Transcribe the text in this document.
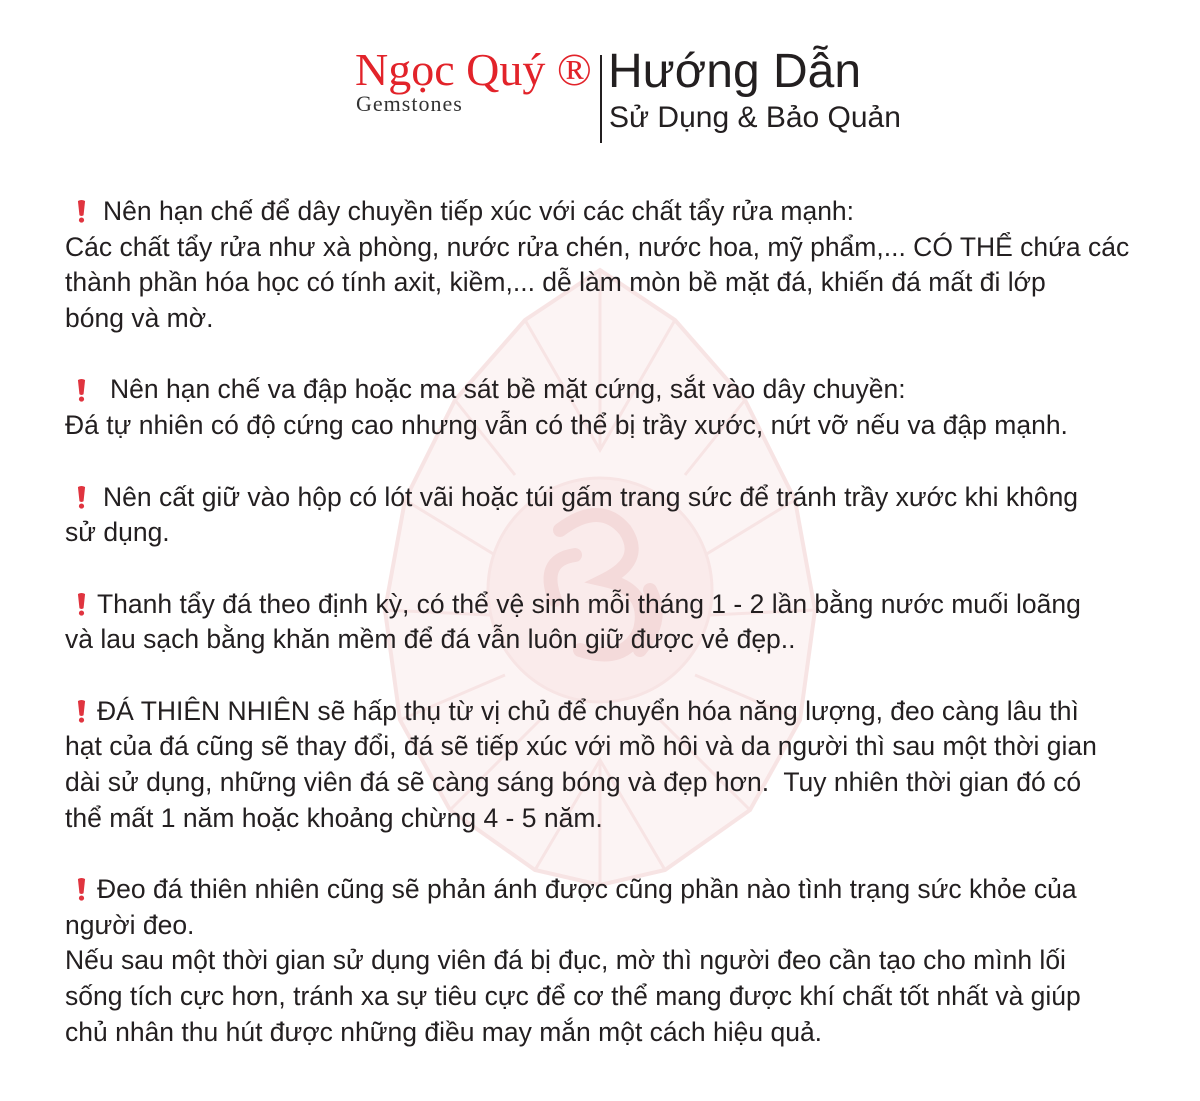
Ngọc Quý ®
Gemstones
Hướng Dẫn
Sử Dụng & Bảo Quản

Nên hạn chế để dây chuyền tiếp xúc với các chất tẩy rửa mạnh:

Các chất tẩy rửa như xà phòng, nước rửa chén, nước hoa, mỹ phẩm,... CÓ THỂ chứa các

thành phần hóa học có tính axit, kiềm,... dễ làm mòn bề mặt đá, khiến đá mất đi lớp

bóng và mờ.

Nên hạn chế va đập hoặc ma sát bề mặt cứng, sắt vào dây chuyền:

Đá tự nhiên có độ cứng cao nhưng vẫn có thể bị trầy xước, nứt vỡ nếu va đập mạnh.

Nên cất giữ vào hộp có lót vãi hoặc túi gấm trang sức để tránh trầy xước khi không

sử dụng.

Thanh tẩy đá theo định kỳ, có thể vệ sinh mỗi tháng 1 - 2 lần bằng nước muối loãng

và lau sạch bằng khăn mềm để đá vẫn luôn giữ được vẻ đẹp..

ĐÁ THIÊN NHIÊN sẽ hấp thụ từ vị chủ để chuyển hóa năng lượng, đeo càng lâu thì

hạt của đá cũng sẽ thay đổi, đá sẽ tiếp xúc với mồ hôi và da người thì sau một thời gian

dài sử dụng, những viên đá sẽ càng sáng bóng và đẹp hơn.  Tuy nhiên thời gian đó có

thể mất 1 năm hoặc khoảng chừng 4 - 5 năm.

Đeo đá thiên nhiên cũng sẽ phản ánh được cũng phần nào tình trạng sức khỏe của

người đeo.

Nếu sau một thời gian sử dụng viên đá bị đục, mờ thì người đeo cần tạo cho mình lối

sống tích cực hơn, tránh xa sự tiêu cực để cơ thể mang được khí chất tốt nhất và giúp

chủ nhân thu hút được những điều may mắn một cách hiệu quả.
